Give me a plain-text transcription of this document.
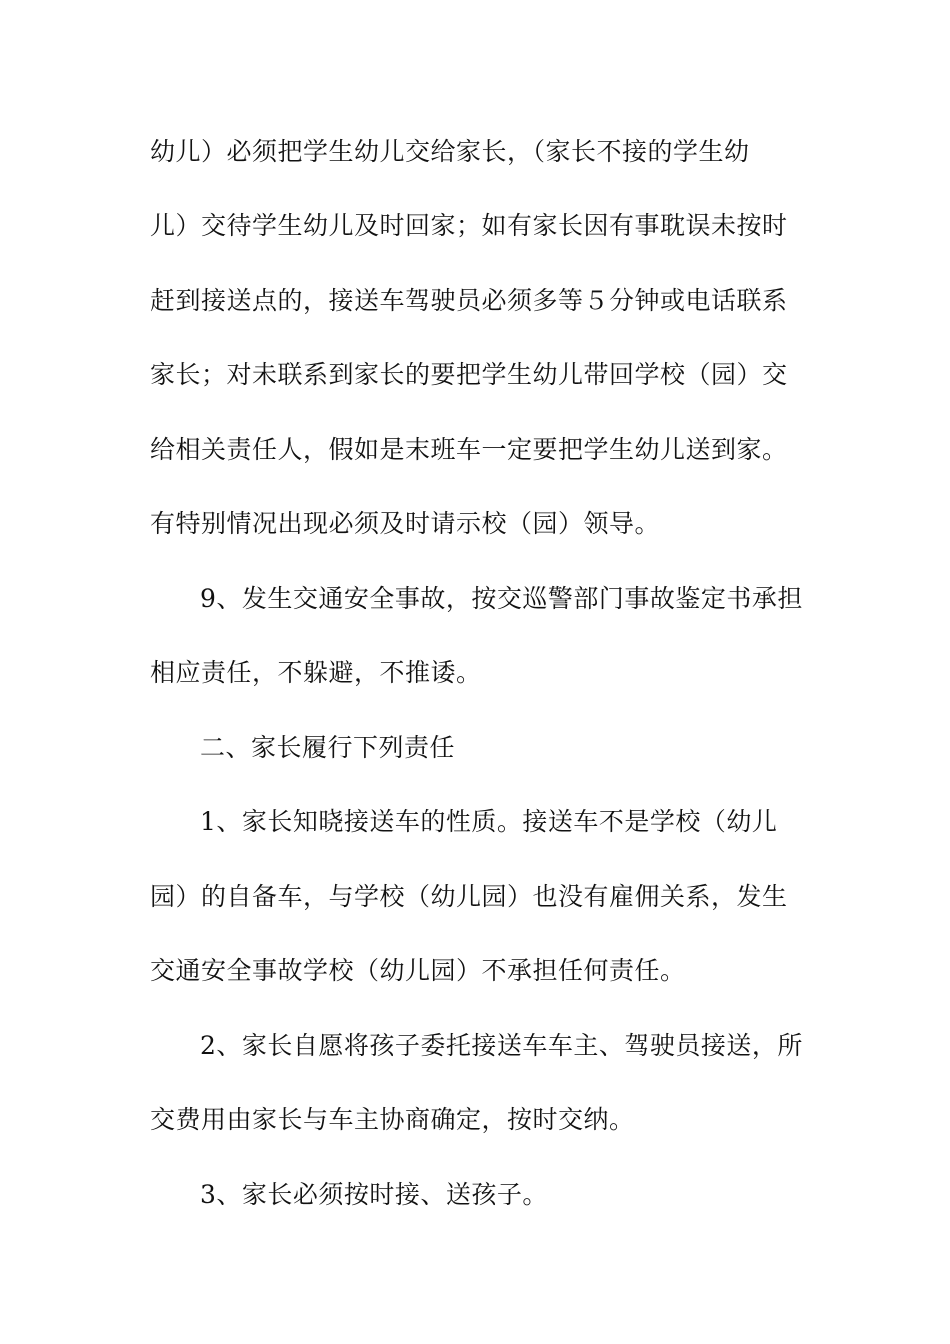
幼儿）必须把学生幼儿交给家长，（家长不接的学生幼
儿）交待学生幼儿及时回家；如有家长因有事耽误未按时
赶到接送点的，接送车驾驶员必须多等５分钟或电话联系
家长；对未联系到家长的要把学生幼儿带回学校（园）交
给相关责任人，假如是末班车一定要把学生幼儿送到家。
有特别情况出现必须及时请示校（园）领导。
9、发生交通安全事故，按交巡警部门事故鉴定书承担
相应责任，不躲避，不推诿。
二、家长履行下列责任
1、家长知晓接送车的性质。接送车不是学校（幼儿
园）的自备车，与学校（幼儿园）也没有雇佣关系，发生
交通安全事故学校（幼儿园）不承担任何责任。
2、家长自愿将孩子委托接送车车主、驾驶员接送，所
交费用由家长与车主协商确定，按时交纳。
3、家长必须按时接、送孩子。
